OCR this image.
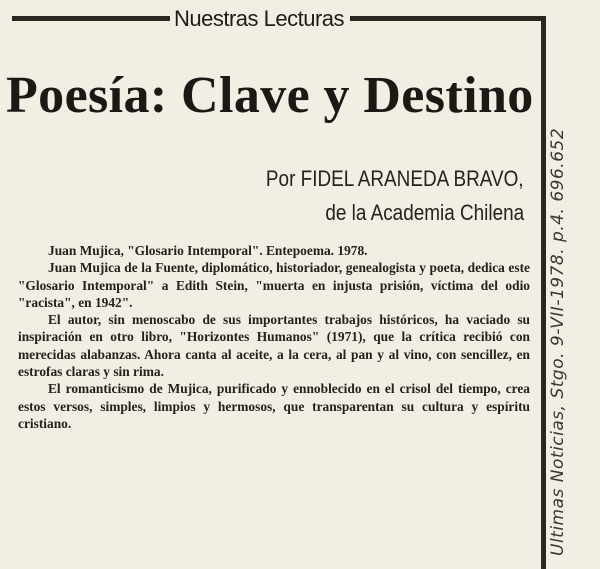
Nuestras Lecturas
Poesía: Clave y Destino
Por FIDEL ARANEDA BRAVO,
de la Academia Chilena

Juan Mujica, "Glosario Intemporal". Entepoema. 1978.

Juan Mujica de la Fuente, diplomático, historiador, genealogista y poeta, dedica este "Glosario Intemporal" a Edith Stein, "muerta en injusta prisión, víctima del odio "racista", en 1942".

El autor, sin menoscabo de sus importantes trabajos históricos, ha vaciado su inspiración en otro libro, "Horizontes Humanos" (1971), que la crítica recibió con merecidas alabanzas. Ahora canta al aceite, a la cera, al pan y al vino, con sencillez, en estrofas claras y sin rima.

El romanticismo de Mujica, purificado y ennoblecido en el crisol del tiempo, crea estos versos, simples, limpios y hermosos, que transparentan su cultura y espíritu cristiano.	Ultimas Noticias, Stgo. 9-VII-1978. p.4. 696.652
